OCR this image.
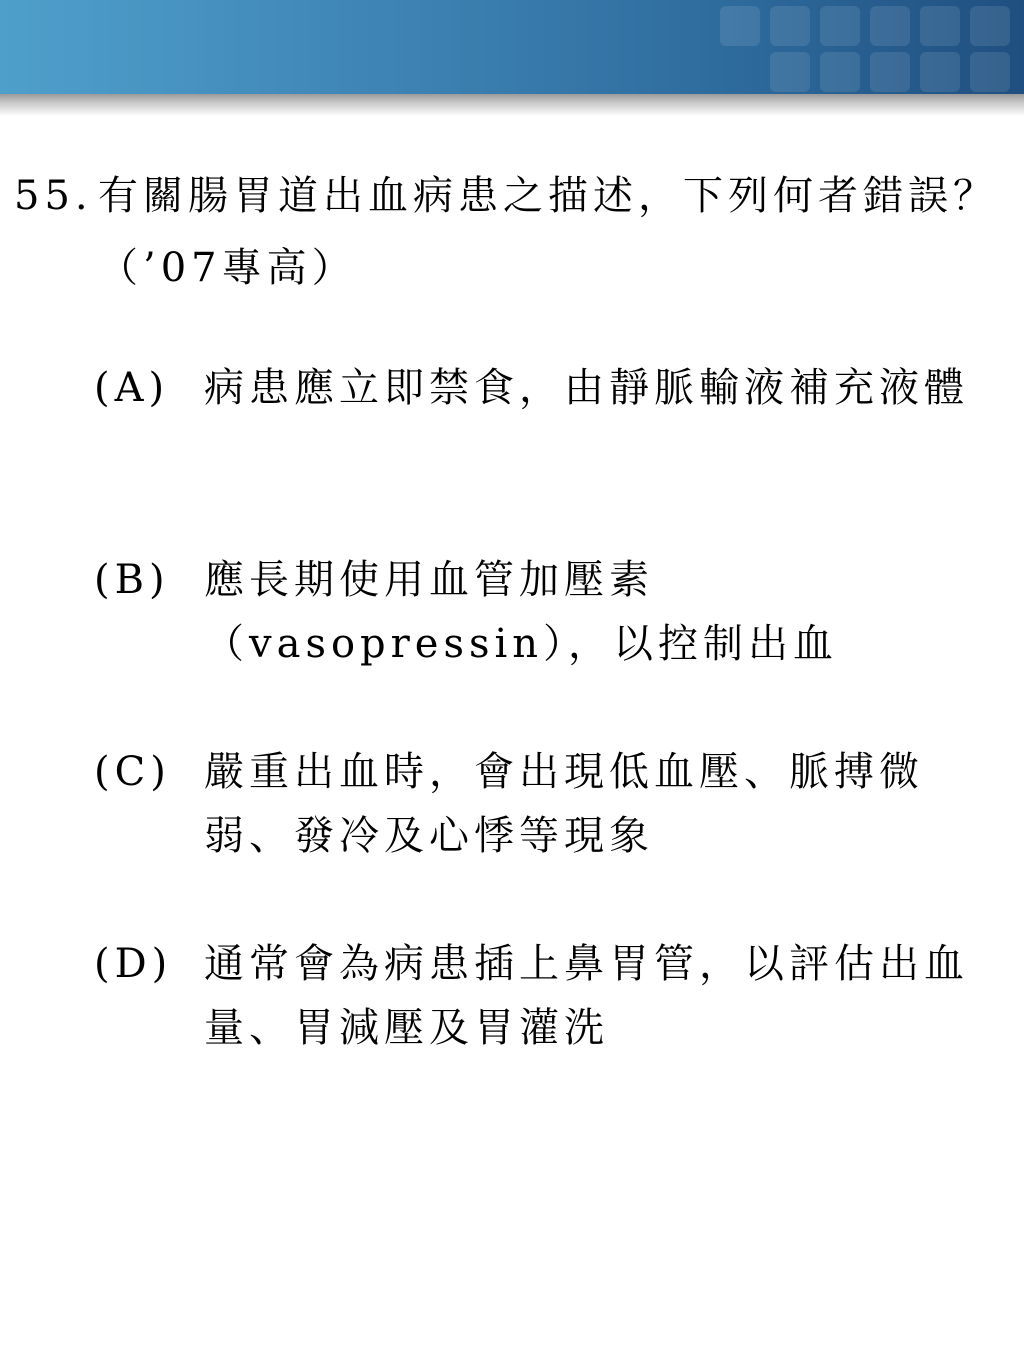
55. 有關腸胃道出血病患之描述，下列何者錯誤？（’07專高）
(A) 病患應立即禁食，由靜脈輸液補充液體
(B) 應長期使用血管加壓素（vasopressin），以控制出血
(C) 嚴重出血時，會出現低血壓、脈搏微弱、發冷及心悸等現象
(D) 通常會為病患插上鼻胃管，以評估出血量、胃減壓及胃灌洗
